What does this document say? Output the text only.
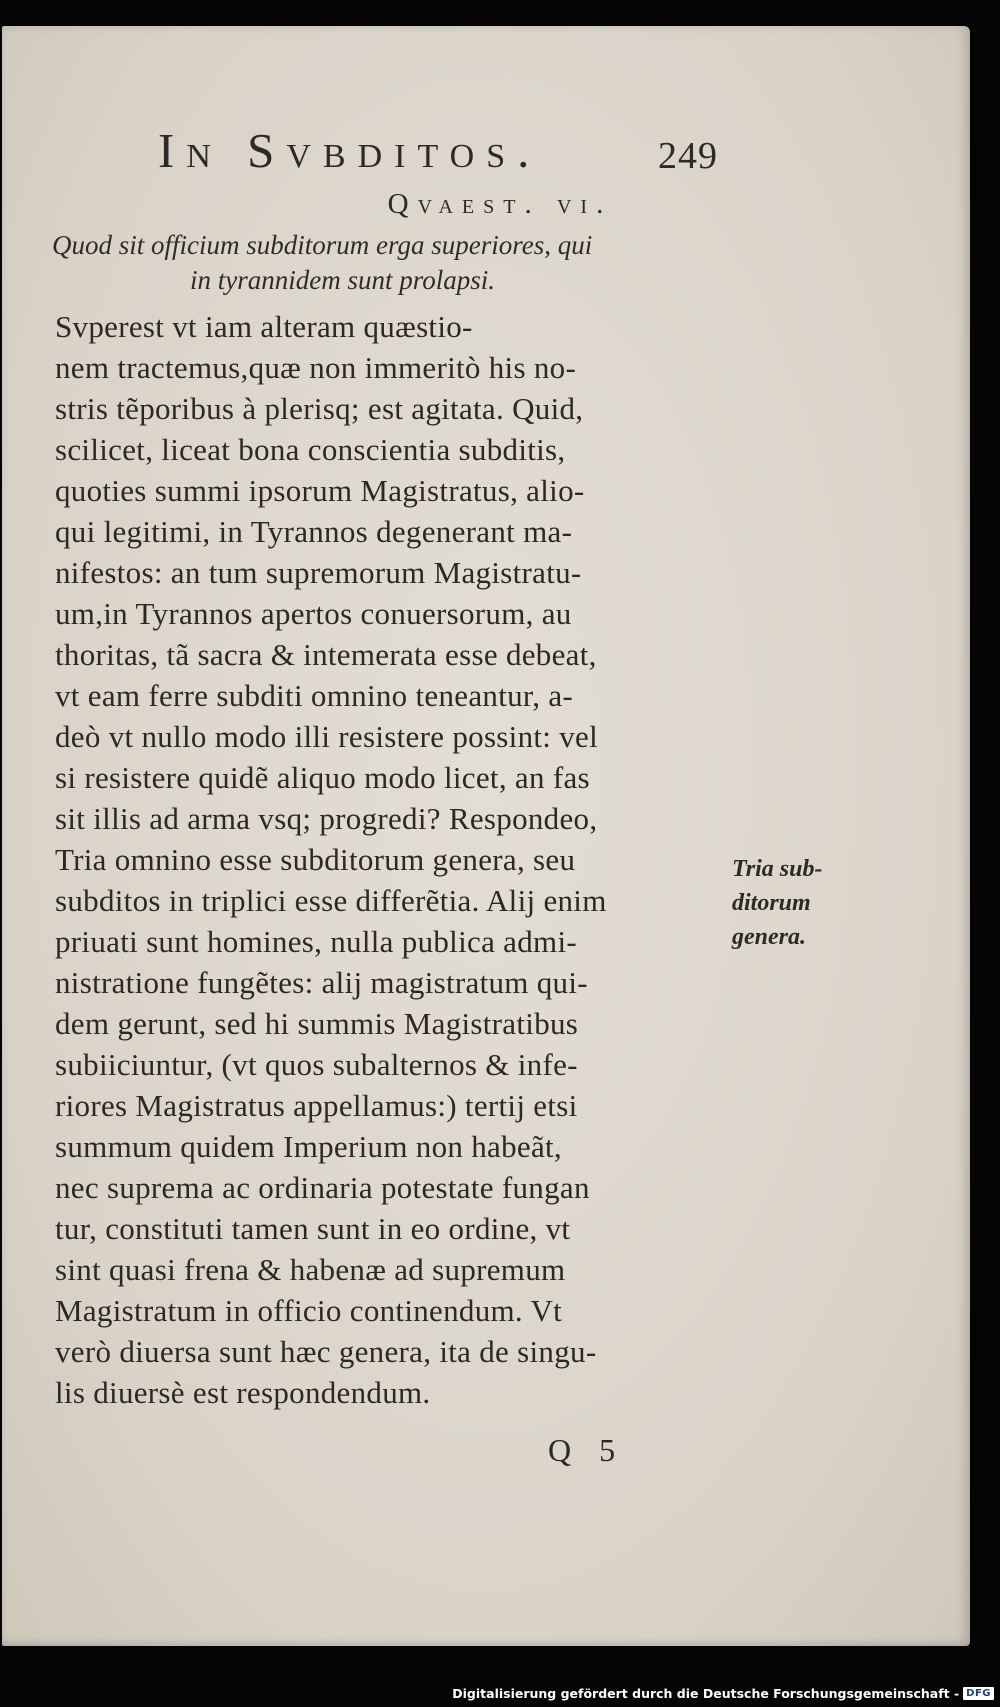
In Svbditos.	249
Qvaest. vi.
Quod sit officium subditorum erga superiores, qui
in tyrannidem sunt prolapsi.
Svperest vt iam alteram quæstio-
nem tractemus,quæ non immeritò his no-
stris tẽporibus à plerisq; est agitata. Quid,
scilicet, liceat bona conscientia subditis,
quoties summi ipsorum Magistratus, alio-
qui legitimi, in Tyrannos degenerant ma-
nifestos: an tum supremorum Magistratu-
um,in Tyrannos apertos conuersorum, au
thoritas, tã sacra & intemerata esse debeat,
vt eam ferre subditi omnino teneantur, a-
deò vt nullo modo illi resistere possint: vel
si resistere quidẽ aliquo modo licet, an fas
sit illis ad arma vsq; progredi? Respondeo,
Tria omnino esse subditorum genera, seu
subditos in triplici esse differẽtia. Alij enim
priuati sunt homines, nulla publica admi-
nistratione fungẽtes: alij magistratum qui-
dem gerunt, sed hi summis Magistratibus
subiiciuntur, (vt quos subalternos & infe-
riores Magistratus appellamus:) tertij etsi
summum quidem Imperium non habeãt,
nec suprema ac ordinaria potestate fungan
tur, constituti tamen sunt in eo ordine, vt
sint quasi frena & habenæ ad supremum
Magistratum in officio continendum. Vt
verò diuersa sunt hæc genera, ita de singu-
lis diuersè est respondendum.
Tria sub-
ditorum
genera.
Q 5
Digitalisierung gefördert durch die Deutsche Forschungsgemeinschaft - DFG
